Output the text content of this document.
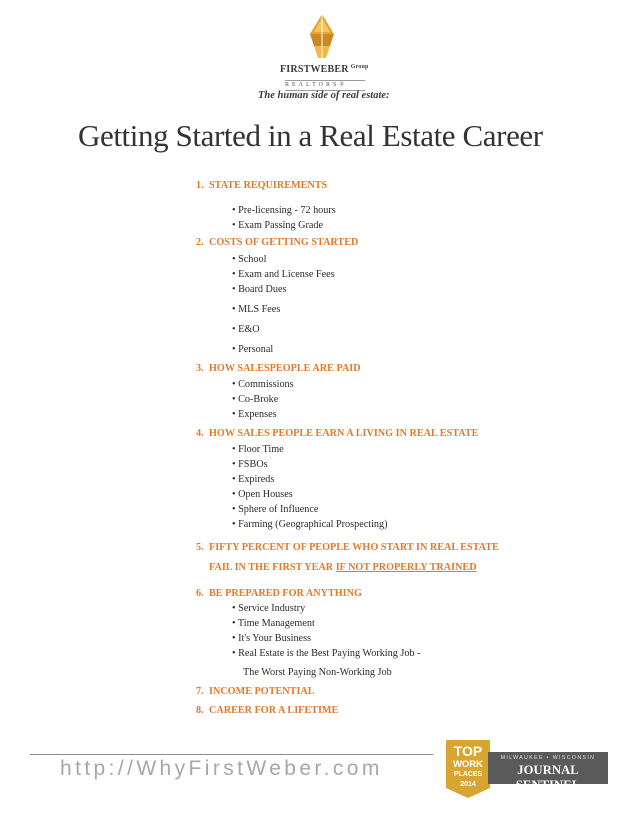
FIRSTWEBER $^{Group}$
REALTORS®
The human side of real estate:
Getting Started in a Real Estate Career
1. STATE REQUIREMENTS
• Pre-licensing - 72 hours
• Exam Passing Grade
2. COSTS OF GETTING STARTED
• School
• Exam and License Fees
• Board Dues
• MLS Fees
• E&O
• Personal
3. HOW SALESPEOPLE ARE PAID
• Commissions
• Co-Broke
• Expenses
4. HOW SALES PEOPLE EARN A LIVING IN REAL ESTATE
• Floor Time
• FSBOs
• Expireds
• Open Houses
• Sphere of Influence
• Farming (Geographical Prospecting)
5. FIFTY PERCENT OF PEOPLE WHO START IN REAL ESTATE
FAIL IN THE FIRST YEAR IF NOT PROPERLY TRAINED
6. BE PREPARED FOR ANYTHING
• Service Industry
• Time Management
• It's Your Business
• Real Estate is the Best Paying Working Job -
The Worst Paying Non-Working Job
7. INCOME POTENTIAL
8. CAREER FOR A LIFETIME
http://WhyFirstWeber.com
TOP
WORK
PLACES
2014
MILWAUKEE • WISCONSIN
JOURNAL SENTINEL
